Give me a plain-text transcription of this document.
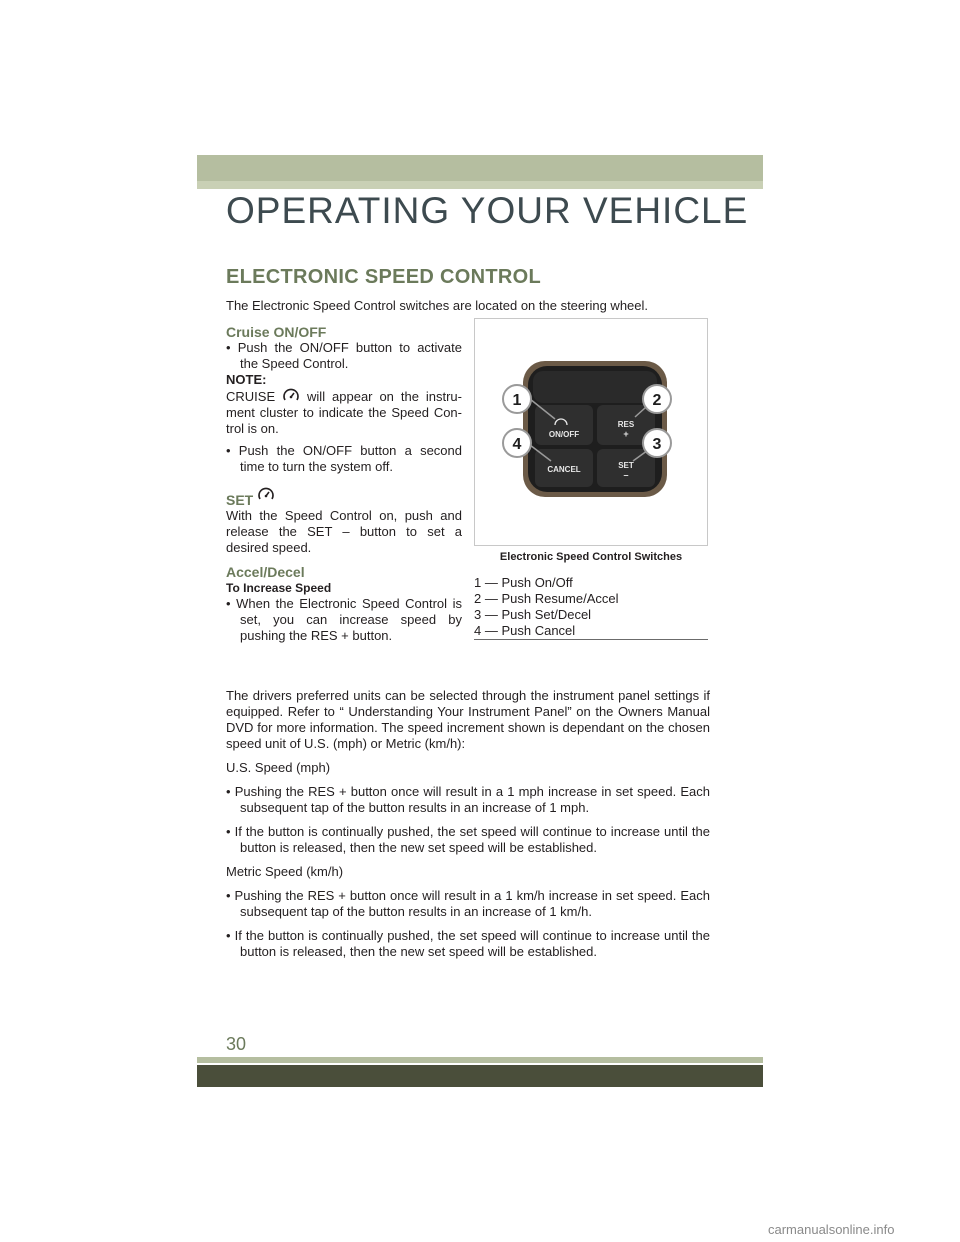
OPERATING YOUR VEHICLE
ELECTRONIC SPEED CONTROL
The Electronic Speed Control switches are located on the steering wheel.

Cruise ON/OFF

• Push the ON/OFF button to activate the Speed Control.

NOTE:

CRUISE will appear on the instru-ment cluster to indicate the Speed Con-trol is on.

• Push the ON/OFF button a second time to turn the system off.

SET

With the Speed Control on, push and release the SET – button to set a desired speed.

Accel/Decel

To Increase Speed

• When the Electronic Speed Control is set, you can increase speed by pushing the RES + button.

ON/OFF
RES
+
CANCEL	SET
–
1	2
3
4
Electronic Speed Control Switches
1 — Push On/Off
2 — Push Resume/Accel
3 — Push Set/Decel
4 — Push Cancel

The drivers preferred units can be selected through the instrument panel settings if equipped. Refer to “ Understanding Your Instrument Panel” on the Owners Manual DVD for more information. The speed increment shown is dependant on the chosen speed unit of U.S. (mph) or Metric (km/h):

U.S. Speed (mph)

• Pushing the RES + button once will result in a 1 mph increase in set speed. Each subsequent tap of the button results in an increase of 1 mph.

• If the button is continually pushed, the set speed will continue to increase until the button is released, then the new set speed will be established.

Metric Speed (km/h)

• Pushing the RES + button once will result in a 1 km/h increase in set speed. Each subsequent tap of the button results in an increase of 1 km/h.

• If the button is continually pushed, the set speed will continue to increase until the button is released, then the new set speed will be established.

30
carmanualsonline.info
